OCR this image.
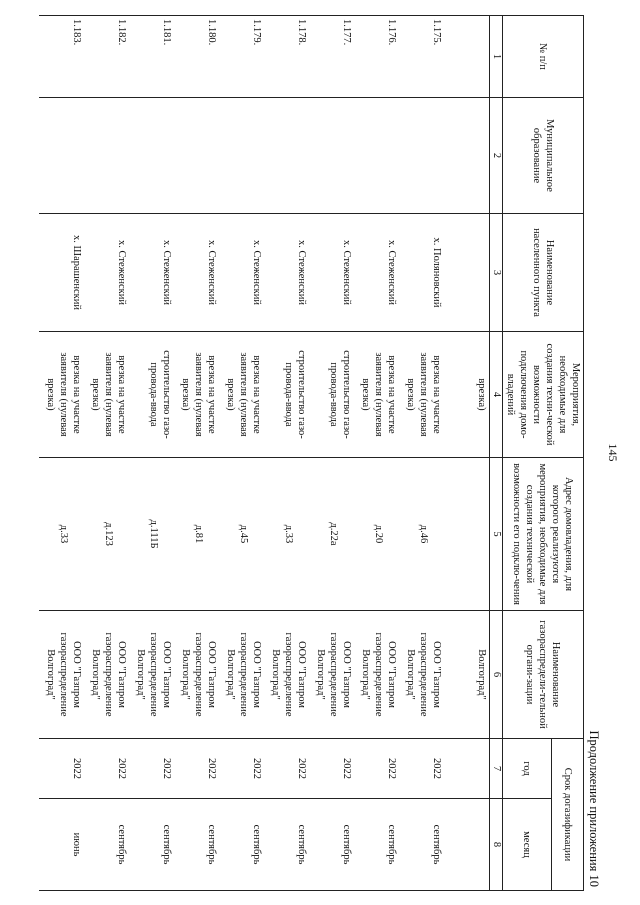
145
Продолжение приложения 10
№ п/п	Муниципальное образование	Наименование населенного пункта	Мероприятия, необходимые для создания техни-ческой возможности подключения домо-владений	Адрес домовладения, для которого реализуются мероприятия, необходимые для создания технической возможности его подклю-чения	Наименование газораспредели-тельной органи-зации	Срок догазификации	
						год	месяц
1	2	3	4	5	6	7	8
			врезка)		Волгоград"		
1.175.		х. Поляновский	врезка на участке заявителя (нулевая врезка)	д.46	ООО "Газпром газораспределение Волгоград"	2022	сентябрь
1.176.		х. Стеженский	врезка на участке заявителя (нулевая врезка)	д.20	ООО "Газпром газораспределение Волгоград"	2022	сентябрь
1.177.		х. Стеженский	строительство газо-провода-ввода	д.22а	ООО "Газпром газораспределение Волгоград"	2022	сентябрь
1.178.		х. Стеженский	строительство газо-провода-ввода	д.33	ООО "Газпром газораспределение Волгоград"	2022	сентябрь
1.179.		х. Стеженский	врезка на участке заявителя (нулевая врезка)	д.45	ООО "Газпром газораспределение Волгоград"	2022	сентябрь
1.180.		х. Стеженский	врезка на участке заявителя (нулевая врезка)	д.81	ООО "Газпром газораспределение Волгоград"	2022	сентябрь
1.181.		х. Стеженский	строительство газо-провода-ввода	д.111Б	ООО "Газпром газораспределение Волгоград"	2022	сентябрь
1.182.		х. Стеженский	врезка на участке заявителя (нулевая врезка)	д.123	ООО "Газпром газораспределение Волгоград"	2022	сентябрь
1.183.		х. Шарашенский	врезка на участке заявителя (нулевая врезка)	д.33	ООО "Газпром газораспределение Волгоград"	2022	июнь
